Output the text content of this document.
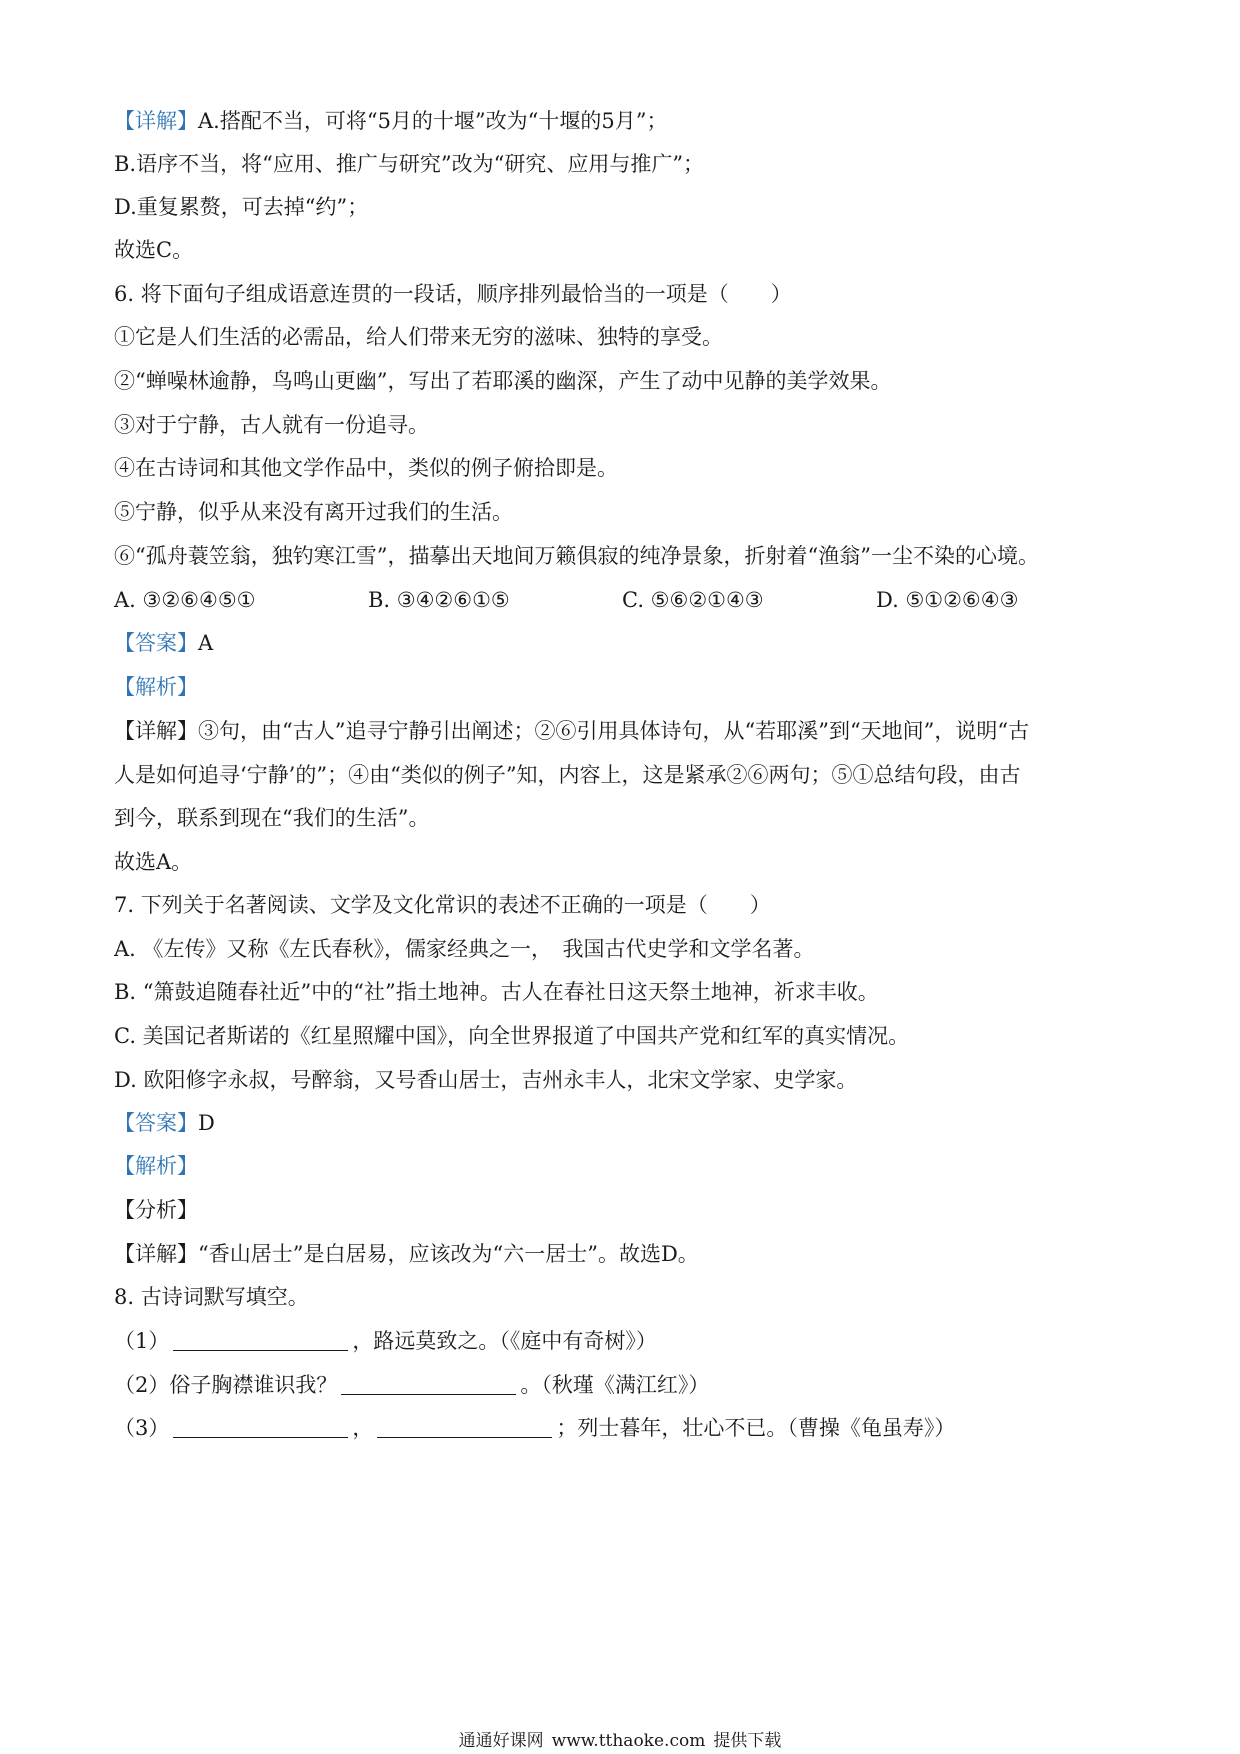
【详解】A.搭配不当，可将“5月的十堰”改为“十堰的5月”；
B.语序不当，将“应用、推广与研究”改为“研究、应用与推广”；
D.重复累赘，可去掉“约”；
故选C。
6. 将下面句子组成语意连贯的一段话，顺序排列最恰当的一项是（　　）
①它是人们生活的必需品，给人们带来无穷的滋味、独特的享受。
②“蝉噪林逾静，鸟鸣山更幽”，写出了若耶溪的幽深，产生了动中见静的美学效果。
③对于宁静，古人就有一份追寻。
④在古诗词和其他文学作品中，类似的例子俯拾即是。
⑤宁静，似乎从来没有离开过我们的生活。
⑥“孤舟蓑笠翁，独钓寒江雪”，描摹出天地间万籁俱寂的纯净景象，折射着“渔翁”一尘不染的心境。
A. ③②⑥④⑤①	B. ③④②⑥①⑤	C. ⑤⑥②①④③	D. ⑤①②⑥④③
【答案】A
【解析】
【详解】③句，由“古人”追寻宁静引出阐述；②⑥引用具体诗句，从“若耶溪”到“天地间”，说明“古
人是如何追寻‘宁静’的”；④由“类似的例子”知，内容上，这是紧承②⑥两句；⑤①总结句段，由古
到今，联系到现在“我们的生活”。
故选A。
7. 下列关于名著阅读、文学及文化常识的表述不正确的一项是（　　）
A. 《左传》又称《左氏春秋》，儒家经典之一，　我国古代史学和文学名著。
B. “箫鼓追随春社近”中的“社”指土地神。古人在春社日这天祭土地神，祈求丰收。
C. 美国记者斯诺的《红星照耀中国》，向全世界报道了中国共产党和红军的真实情况。
D. 欧阳修字永叔，号醉翁，又号香山居士，吉州永丰人，北宋文学家、史学家。
【答案】D
【解析】
【分析】
【详解】“香山居士”是白居易，应该改为“六一居士”。故选D。
8. 古诗词默写填空。
（1）	，路远莫致之。（《庭中有奇树》）
（2）俗子胸襟谁识我？	。（秋瑾《满江红》）
（3）	，	；列士暮年，壮心不已。（曹操《龟虽寿》）
通通好课网 www.tthaoke.com 提供下载
